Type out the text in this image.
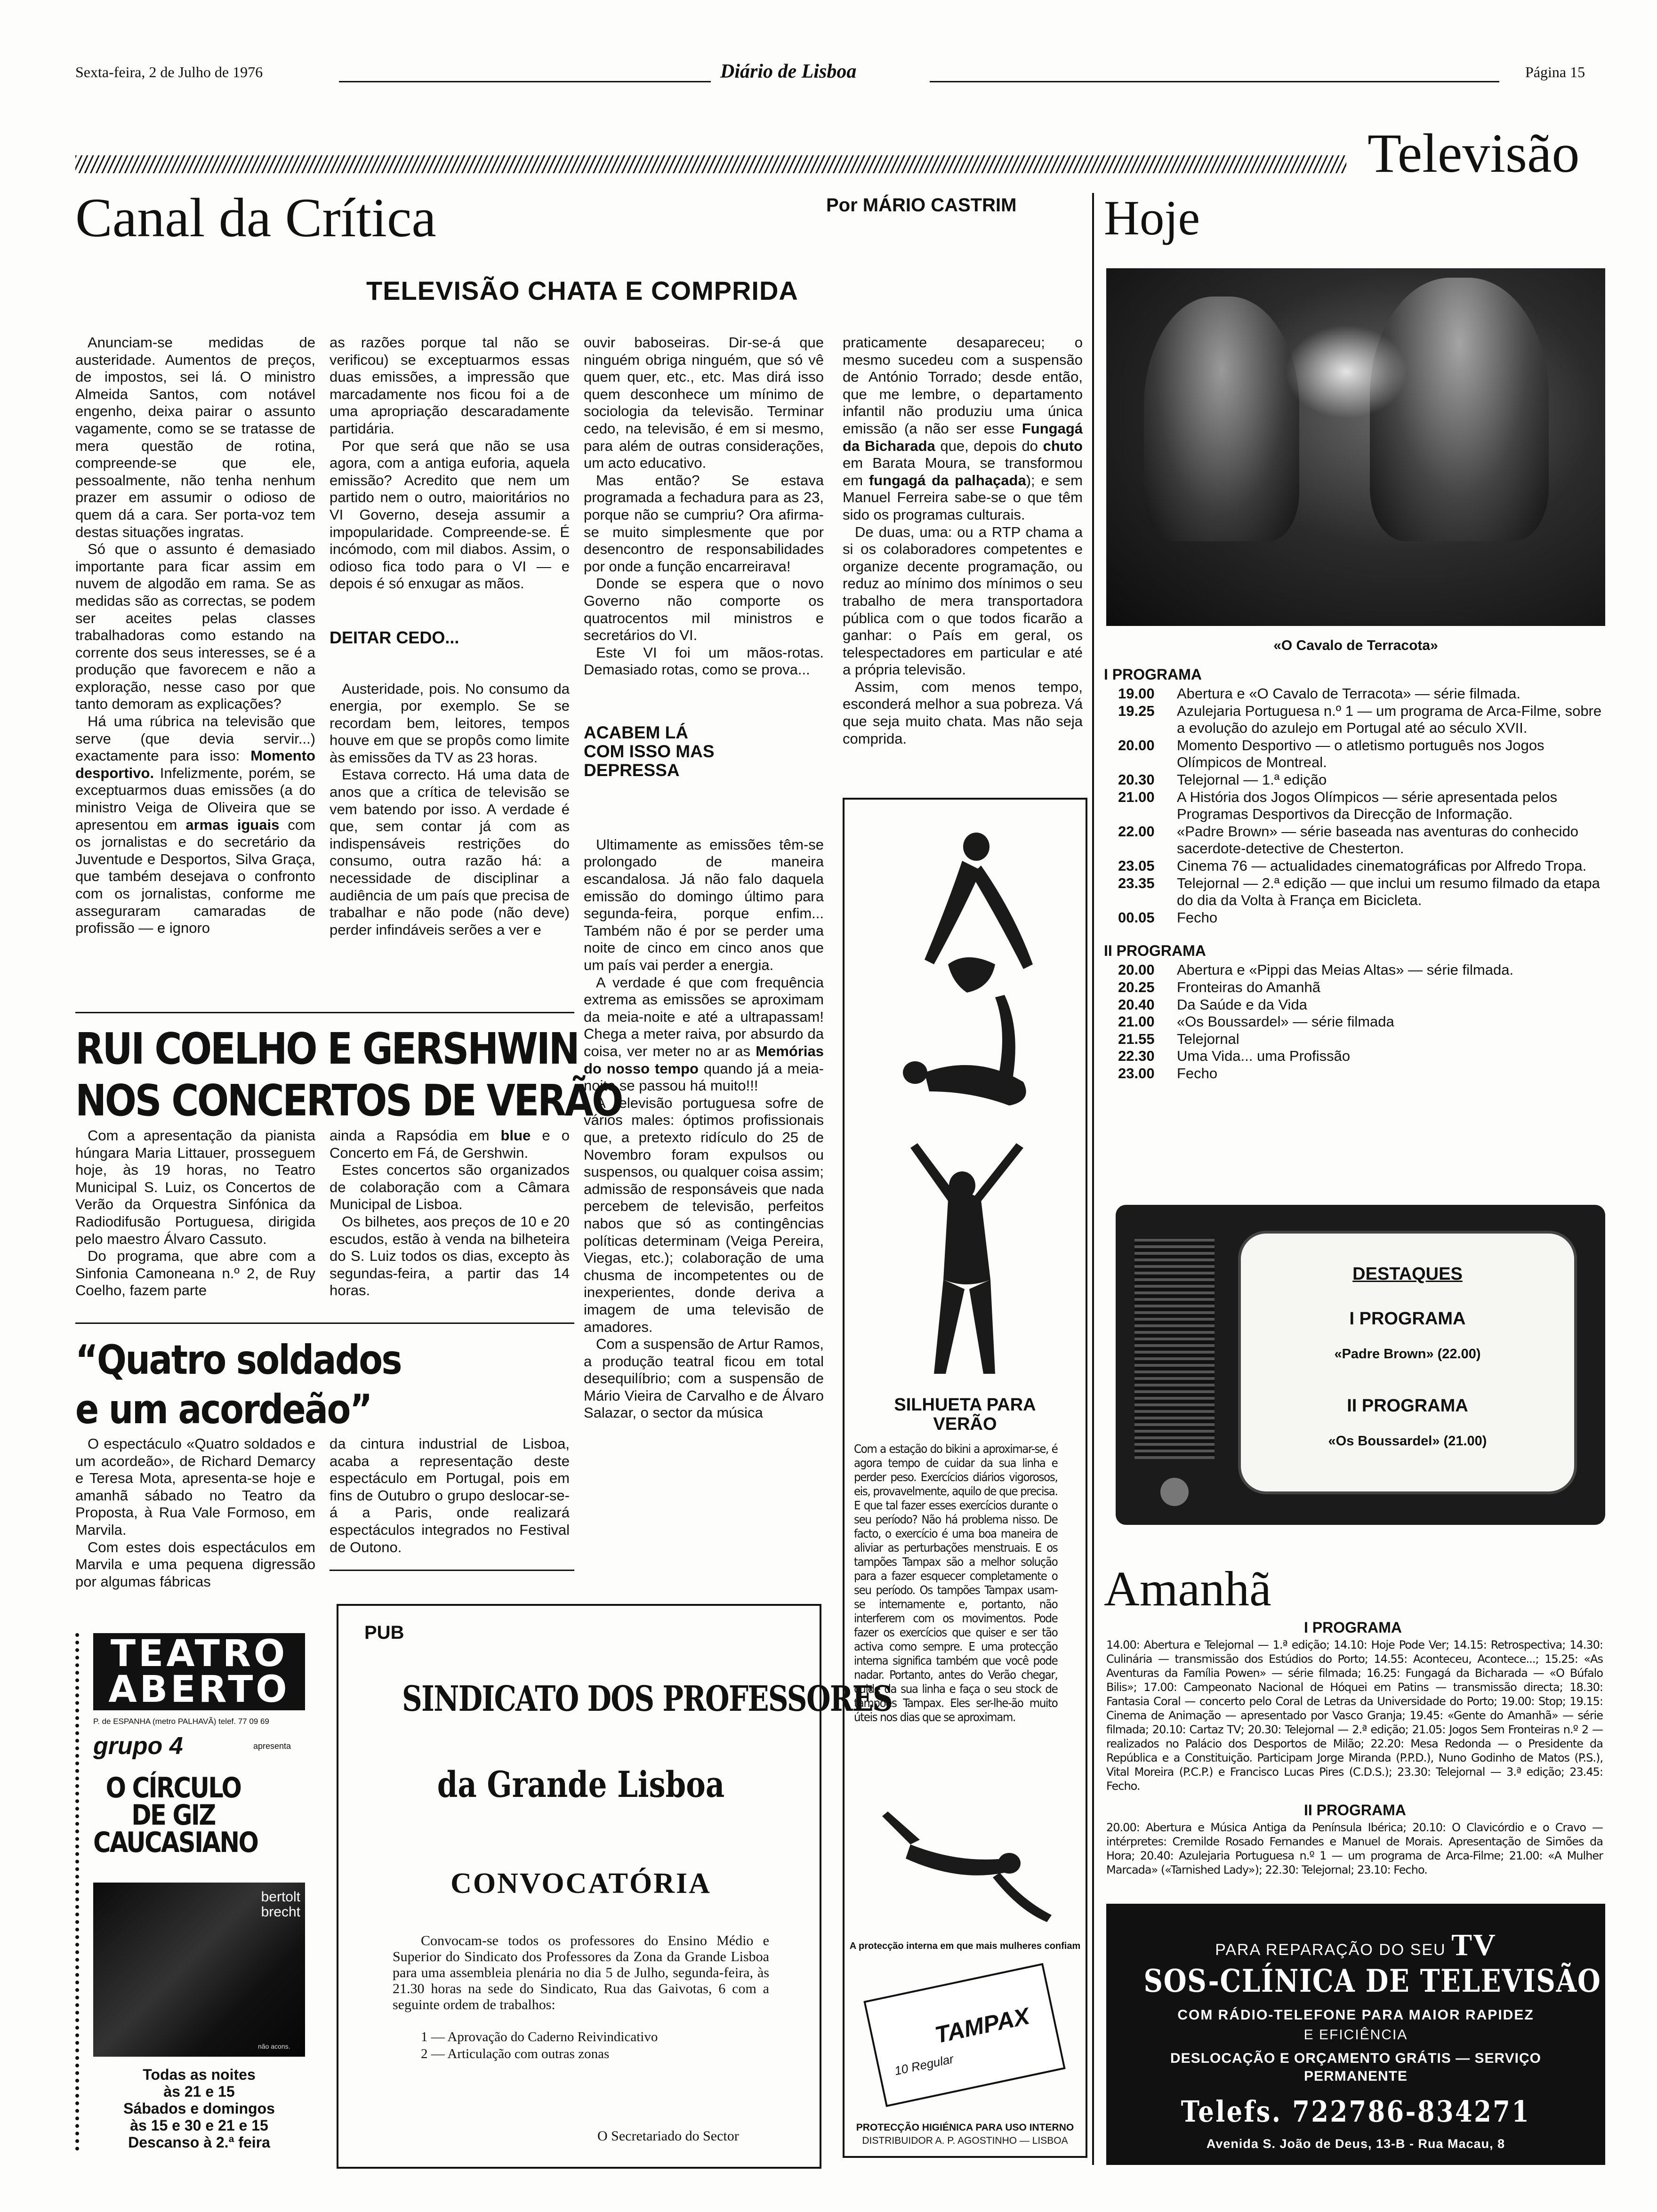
Sexta-feira, 2 de Julho de 1976	Diário de Lisboa	Página 15
Televisão
Canal da Crítica	Por MÁRIO CASTRIM Hoje
TELEVISÃO CHATA E COMPRIDA

Anunciam-se medidas de austeridade. Aumentos de preços, de impostos, sei lá. O ministro Almeida Santos, com notável engenho, deixa pairar o assunto vagamente, como se se tratasse de mera questão de rotina, compreende-se que ele, pessoalmente, não tenha nenhum prazer em assumir o odioso de quem dá a cara. Ser porta-voz tem destas situações ingratas.

Só que o assunto é demasiado importante para ficar assim em nuvem de algodão em rama. Se as medidas são as correctas, se podem ser aceites pelas classes trabalhadoras como estando na corrente dos seus interesses, se é a produção que favorecem e não a exploração, nesse caso por que tanto demoram as explicações?

Há uma rúbrica na televisão que serve (que devia servir...) exactamente para isso: Momento desportivo. Infelizmente, porém, se exceptuarmos duas emissões (a do ministro Veiga de Oliveira que se apresentou em armas iguais com os jornalistas e do secretário da Juventude e Desportos, Silva Graça, que também desejava o confronto com os jornalistas, conforme me asseguraram camaradas de profissão — e ignoro

as razões porque tal não se verificou) se exceptuarmos essas duas emissões, a impressão que marcadamente nos ficou foi a de uma apropriação descaradamente partidária.

Por que será que não se usa agora, com a antiga euforia, aquela emissão? Acredito que nem um partido nem o outro, maioritários no VI Governo, deseja assumir a impopularidade. Compreende-se. É incómodo, com mil diabos. Assim, o odioso fica todo para o VI — e depois é só enxugar as mãos.

DEITAR CEDO...

Austeridade, pois. No consumo da energia, por exemplo. Se se recordam bem, leitores, tempos houve em que se propôs como limite às emissões da TV as 23 horas.

Estava correcto. Há uma data de anos que a crítica de televisão se vem batendo por isso. A verdade é que, sem contar já com as indispensáveis restrições do consumo, outra razão há: a necessidade de disciplinar a audiência de um país que precisa de trabalhar e não pode (não deve) perder infindáveis serões a ver e

ouvir baboseiras. Dir-se-á que ninguém obriga ninguém, que só vê quem quer, etc., etc. Mas dirá isso quem desconhece um mínimo de sociologia da televisão. Terminar cedo, na televisão, é em si mesmo, para além de outras considerações, um acto educativo.

Mas então? Se estava programada a fechadura para as 23, porque não se cumpriu? Ora afirma-se muito simplesmente que por desencontro de responsabilidades por onde a função encarreirava!

Donde se espera que o novo Governo não comporte os quatrocentos mil ministros e secretários do VI.

Este VI foi um mãos-rotas. Demasiado rotas, como se prova...

ACABEM LÁ COM ISSO MAS DEPRESSA

Ultimamente as emissões têm-se prolongado de maneira escandalosa. Já não falo daquela emissão do domingo último para segunda-feira, porque enfim... Também não é por se perder uma noite de cinco em cinco anos que um país vai perder a energia.

A verdade é que com frequência extrema as emissões se aproximam da meia-noite e até a ultrapassam! Chega a meter raiva, por absurdo da coisa, ver meter no ar as Memórias do nosso tempo quando já a meia-noite se passou há muito!!!

A televisão portuguesa sofre de vários males: óptimos profissionais que, a pretexto ridículo do 25 de Novembro foram expulsos ou suspensos, ou qualquer coisa assim; admissão de responsáveis que nada percebem de televisão, perfeitos nabos que só as contingências políticas determinam (Veiga Pereira, Viegas, etc.); colaboração de uma chusma de incompetentes ou de inexperientes, donde deriva a imagem de uma televisão de amadores.

Com a suspensão de Artur Ramos, a produção teatral ficou em total desequilíbrio; com a suspensão de Mário Vieira de Carvalho e de Álvaro Salazar, o sector da música

praticamente desapareceu; o mesmo sucedeu com a suspensão de António Torrado; desde então, que me lembre, o departamento infantil não produziu uma única emissão (a não ser esse Fungagá da Bicharada que, depois do chuto em Barata Moura, se transformou em fungagá da palhaçada); e sem Manuel Ferreira sabe-se o que têm sido os programas culturais.

De duas, uma: ou a RTP chama a si os colaboradores competentes e organize decente programação, ou reduz ao mínimo dos mínimos o seu trabalho de mera transportadora pública com o que todos ficarão a ganhar: o País em geral, os telespectadores em particular e até a própria televisão.

Assim, com menos tempo, esconderá melhor a sua pobreza. Vá que seja muito chata. Mas não seja comprida.

RUI COELHO E GERSHWIN
NOS CONCERTOS DE VERÃO

Com a apresentação da pianista húngara Maria Littauer, prosseguem hoje, às 19 horas, no Teatro Municipal S. Luiz, os Concertos de Verão da Orquestra Sinfónica da Radiodifusão Portuguesa, dirigida pelo maestro Álvaro Cassuto.

Do programa, que abre com a Sinfonia Camoneana n.º 2, de Ruy Coelho, fazem parte

ainda a Rapsódia em blue e o Concerto em Fá, de Gershwin.

Estes concertos são organizados de colaboração com a Câmara Municipal de Lisboa.

Os bilhetes, aos preços de 10 e 20 escudos, estão à venda na bilheteira do S. Luiz todos os dias, excepto às segundas-feira, a partir das 14 horas.

“Quatro soldados
e um acordeão”

O espectáculo «Quatro soldados e um acordeão», de Richard Demarcy e Teresa Mota, apresenta-se hoje e amanhã sábado no Teatro da Proposta, à Rua Vale Formoso, em Marvila.

Com estes dois espectáculos em Marvila e uma pequena digressão por algumas fábricas

da cintura industrial de Lisboa, acaba a representação deste espectáculo em Portugal, pois em fins de Outubro o grupo deslocar-se-á a Paris, onde realizará espectáculos integrados no Festival de Outono.

TEATRO ABERTO
P. de ESPANHA (metro PALHAVÃ) telef. 77 09 69
grupo 4	apresenta
O CÍRCULO DE GIZ CAUCASIANO
bertolt brecht
não acons.
Todas as noites
às 21 e 15
Sábados e domingos
às 15 e 30 e 21 e 15
Descanso à 2.ª feira
PUB
SINDICATO DOS PROFESSORES
da Grande Lisboa
CONVOCATÓRIA
Convocam-se todos os professores do Ensino Médio e Superior do Sindicato dos Professores da Zona da Grande Lisboa para uma assembleia plenária no dia 5 de Julho, segunda-feira, às 21.30 horas na sede do Sindicato, Rua das Gaivotas, 6 com a seguinte ordem de trabalhos:
1 — Aprovação do Caderno Reivindicativo
2 — Articulação com outras zonas
O Secretariado do Sector
SILHUETA PARA
VERÃO
Com a estação do bikini a aproximar-se, é agora tempo de cuidar da sua linha e perder peso. Exercícios diários vigorosos, eis, provavelmente, aquilo de que precisa. E que tal fazer esses exercícios durante o seu período? Não há problema nisso. De facto, o exercício é uma boa maneira de aliviar as perturbações menstruais. E os tampões Tampax são a melhor solução para a fazer esquecer completamente o seu período. Os tampões Tampax usam-se internamente e, portanto, não interferem com os movimentos. Pode fazer os exercícios que quiser e ser tão activa como sempre. E uma protecção interna significa também que você pode nadar. Portanto, antes do Verão chegar, cuide da sua linha e faça o seu stock de tampões Tampax. Eles ser-lhe-ão muito úteis nos dias que se aproximam.
A protecção interna em que mais mulheres confiam
TAMPAX
10 Regular
PROTECÇÃO HIGIÉNICA PARA USO INTERNO
DISTRIBUIDOR A. P. AGOSTINHO — LISBOA
«O Cavalo de Terracota»
I PROGRAMA
19.00	Abertura e «O Cavalo de Terracota» — série filmada.
19.25	Azulejaria Portuguesa n.º 1 — um programa de Arca-Filme, sobre a evolução do azulejo em Portugal até ao século XVII.
20.00	Momento Desportivo — o atletismo português nos Jogos Olímpicos de Montreal.
20.30	Telejornal — 1.ª edição
21.00	A História dos Jogos Olímpicos — série apresentada pelos Programas Desportivos da Direcção de Informação.
22.00	«Padre Brown» — série baseada nas aventuras do conhecido sacerdote-detective de Chesterton.
23.05	Cinema 76 — actualidades cinematográficas por Alfredo Tropa.
23.35	Telejornal — 2.ª edição — que inclui um resumo filmado da etapa do dia da Volta à França em Bicicleta.
00.05	Fecho
II PROGRAMA
20.00	Abertura e «Pippi das Meias Altas» — série filmada.
20.25	Fronteiras do Amanhã
20.40	Da Saúde e da Vida
21.00	«Os Boussardel» — série filmada
21.55	Telejornal
22.30	Uma Vida... uma Profissão
23.00	Fecho
DESTAQUES
I PROGRAMA
«Padre Brown» (22.00)
II PROGRAMA
«Os Boussardel» (21.00)
Amanhã
I PROGRAMA
14.00: Abertura e Telejornal — 1.ª edição; 14.10: Hoje Pode Ver; 14.15: Retrospectiva; 14.30: Culinária — transmissão dos Estúdios do Porto; 14.55: Aconteceu, Acontece...; 15.25: «As Aventuras da Família Powen» — série filmada; 16.25: Fungagá da Bicharada — «O Búfalo Bilis»; 17.00: Campeonato Nacional de Hóquei em Patins — transmissão directa; 18.30: Fantasia Coral — concerto pelo Coral de Letras da Universidade do Porto; 19.00: Stop; 19.15: Cinema de Animação — apresentado por Vasco Granja; 19.45: «Gente do Amanhã» — série filmada; 20.10: Cartaz TV; 20.30: Telejornal — 2.ª edição; 21.05: Jogos Sem Fronteiras n.º 2 — realizados no Palácio dos Desportos de Milão; 22.20: Mesa Redonda — o Presidente da República e a Constituição. Participam Jorge Miranda (P.P.D.), Nuno Godinho de Matos (P.S.), Vital Moreira (P.C.P.) e Francisco Lucas Pires (C.D.S.); 23.30: Telejornal — 3.ª edição; 23.45: Fecho.
II PROGRAMA
20.00: Abertura e Música Antiga da Península Ibérica; 20.10: O Clavicórdio e o Cravo — intérpretes: Cremilde Rosado Fernandes e Manuel de Morais. Apresentação de Simões da Hora; 20.40: Azulejaria Portuguesa n.º 1 — um programa de Arca-Filme; 21.00: «A Mulher Marcada» («Tarnished Lady»); 22.30: Telejornal; 23.10: Fecho.
PARA REPARAÇÃO DO SEU TV
SOS-CLÍNICA DE TELEVISÃO
COM RÁDIO-TELEFONE PARA MAIOR RAPIDEZ
E EFICIÊNCIA
DESLOCAÇÃO E ORÇAMENTO GRÁTIS — SERVIÇO
PERMANENTE
Telefs. 722786-834271
Avenida S. João de Deus, 13-B - Rua Macau, 8
